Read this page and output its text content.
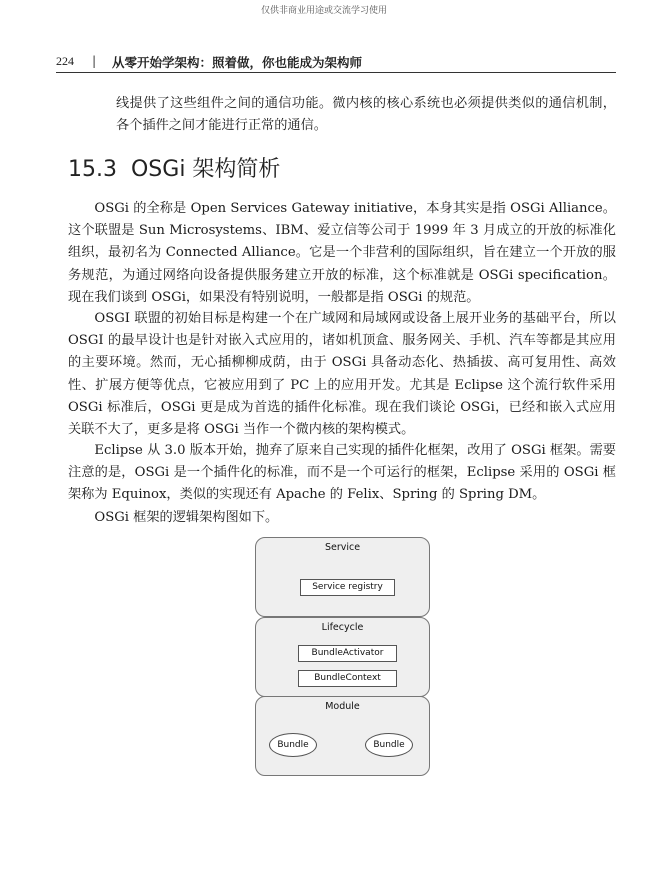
仅供非商业用途或交流学习使用
224 | 从零开始学架构：照着做，你也能成为架构师

线提供了这些组件之间的通信功能。微内核的核心系统也必须提供类似的通信机制，各个插件之间才能进行正常的通信。

15.3 OSGi 架构简析

OSGi 的全称是 Open Services Gateway initiative，本身其实是指 OSGi Alliance。这个联盟是 Sun Microsystems、IBM、爱立信等公司于 1999 年 3 月成立的开放的标准化组织，最初名为 Connected Alliance。它是一个非营利的国际组织，旨在建立一个开放的服务规范，为通过网络向设备提供服务建立开放的标准，这个标准就是 OSGi specification。现在我们谈到 OSGi，如果没有特别说明，一般都是指 OSGi 的规范。

OSGI 联盟的初始目标是构建一个在广域网和局域网或设备上展开业务的基础平台，所以 OSGI 的最早设计也是针对嵌入式应用的，诸如机顶盒、服务网关、手机、汽车等都是其应用的主要环境。然而，无心插柳柳成荫，由于 OSGi 具备动态化、热插拔、高可复用性、高效性、扩展方便等优点，它被应用到了 PC 上的应用开发。尤其是 Eclipse 这个流行软件采用 OSGi 标准后，OSGi 更是成为首选的插件化标准。现在我们谈论 OSGi，已经和嵌入式应用关联不大了，更多是将 OSGi 当作一个微内核的架构模式。

Eclipse 从 3.0 版本开始，抛弃了原来自己实现的插件化框架，改用了 OSGi 框架。需要注意的是，OSGi 是一个插件化的标准，而不是一个可运行的框架，Eclipse 采用的 OSGi 框架称为 Equinox，类似的实现还有 Apache 的 Felix、Spring 的 Spring DM。

OSGi 框架的逻辑架构图如下。

Service
Service registry
Lifecycle
BundleActivator
BundleContext
Module
Bundle	Bundle
